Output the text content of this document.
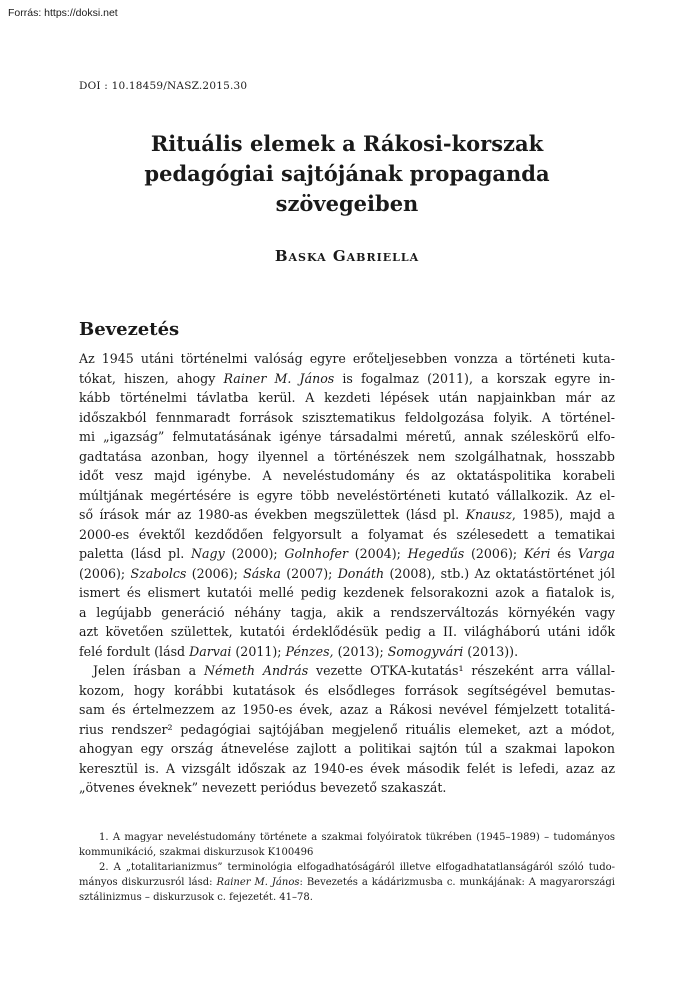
Forrás: https://doksi.net
DOI : 10.18459/NASZ.2015.30
Rituális elemek a Rákosi-korszak
pedagógiai sajtójának propaganda
szövegeiben
Baska Gabriella
Bevezetés
Az 1945 utáni történelmi valóság egyre erőteljesebben vonzza a történeti kuta-
tókat, hiszen, ahogy Rainer M. János is fogalmaz (2011), a korszak egyre in-
kább történelmi távlatba kerül. A kezdeti lépések után napjainkban már az
időszakból fennmaradt források szisztematikus feldolgozása folyik. A történel-
mi „igazság” felmutatásának igénye társadalmi méretű, annak széleskörű elfo-
gadtatása azonban, hogy ilyennel a történészek nem szolgálhatnak, hosszabb
időt vesz majd igénybe. A neveléstudomány és az oktatáspolitika korabeli
múltjának megértésére is egyre több neveléstörténeti kutató vállalkozik. Az el-
ső írások már az 1980-as években megszülettek (lásd pl. Knausz, 1985), majd a
2000-es évektől kezdődően felgyorsult a folyamat és szélesedett a tematikai
paletta (lásd pl. Nagy (2000); Golnhofer (2004); Hegedűs (2006); Kéri és Varga
(2006); Szabolcs (2006); Sáska (2007); Donáth (2008), stb.) Az oktatástörténet jól
ismert és elismert kutatói mellé pedig kezdenek felsorakozni azok a fiatalok is,
a legújabb generáció néhány tagja, akik a rendszerváltozás környékén vagy
azt követően születtek, kutatói érdeklődésük pedig a II. világháború utáni idők
felé fordult (lásd Darvai (2011); Pénzes, (2013); Somogyvári (2013)).
Jelen írásban a Németh András vezette OTKA-kutatás¹ részeként arra vállal-
kozom, hogy korábbi kutatások és elsődleges források segítségével bemutas-
sam és értelmezzem az 1950-es évek, azaz a Rákosi nevével fémjelzett totalitá-
rius rendszer² pedagógiai sajtójában megjelenő rituális elemeket, azt a módot,
ahogyan egy ország átnevelése zajlott a politikai sajtón túl a szakmai lapokon
keresztül is. A vizsgált időszak az 1940-es évek második felét is lefedi, azaz az
„ötvenes éveknek” nevezett periódus bevezető szakaszát.
1. A magyar neveléstudomány története a szakmai folyóiratok tükrében (1945–1989) – tudományos
kommunikáció, szakmai diskurzusok K100496
2. A „totalitarianizmus” terminológia elfogadhatóságáról illetve elfogadhatatlanságáról szóló tudo-
mányos diskurzusról lásd: Rainer M. János: Bevezetés a kádárizmusba c. munkájának: A magyarországi
sztálinizmus – diskurzusok c. fejezetét. 41–78.
